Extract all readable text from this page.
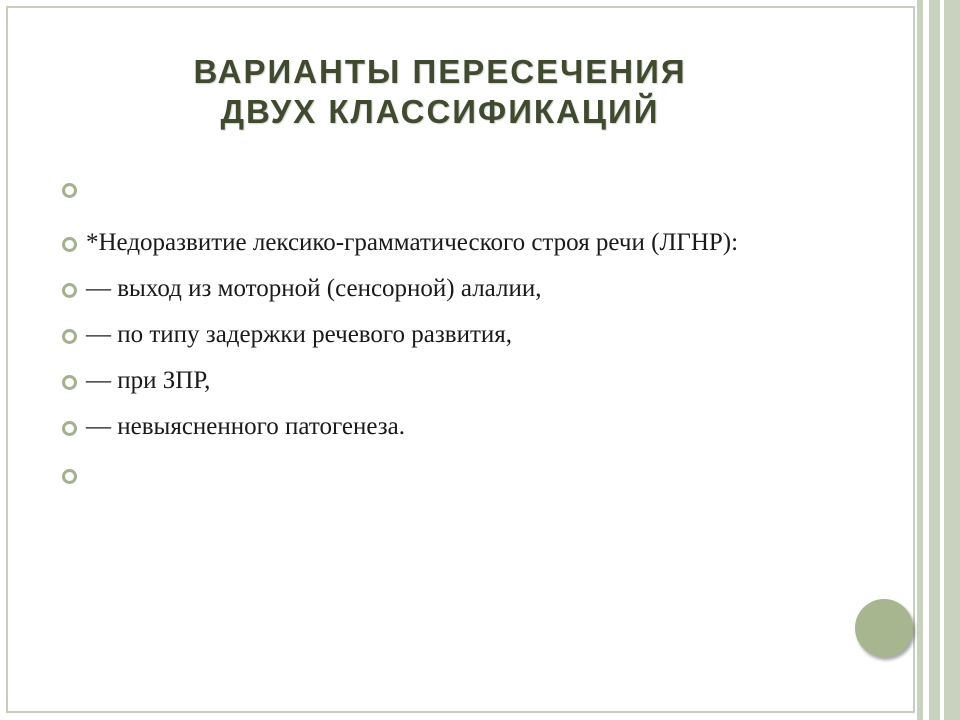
ВАРИАНТЫ ПЕРЕСЕЧЕНИЯ
ДВУХ КЛАССИФИКАЦИЙ
*Недоразвитие лексико-грамматического строя речи (ЛГНР):
— выход из моторной (сенсорной) алалии,
— по типу задержки речевого развития,
— при ЗПР,
— невыясненного патогенеза.
